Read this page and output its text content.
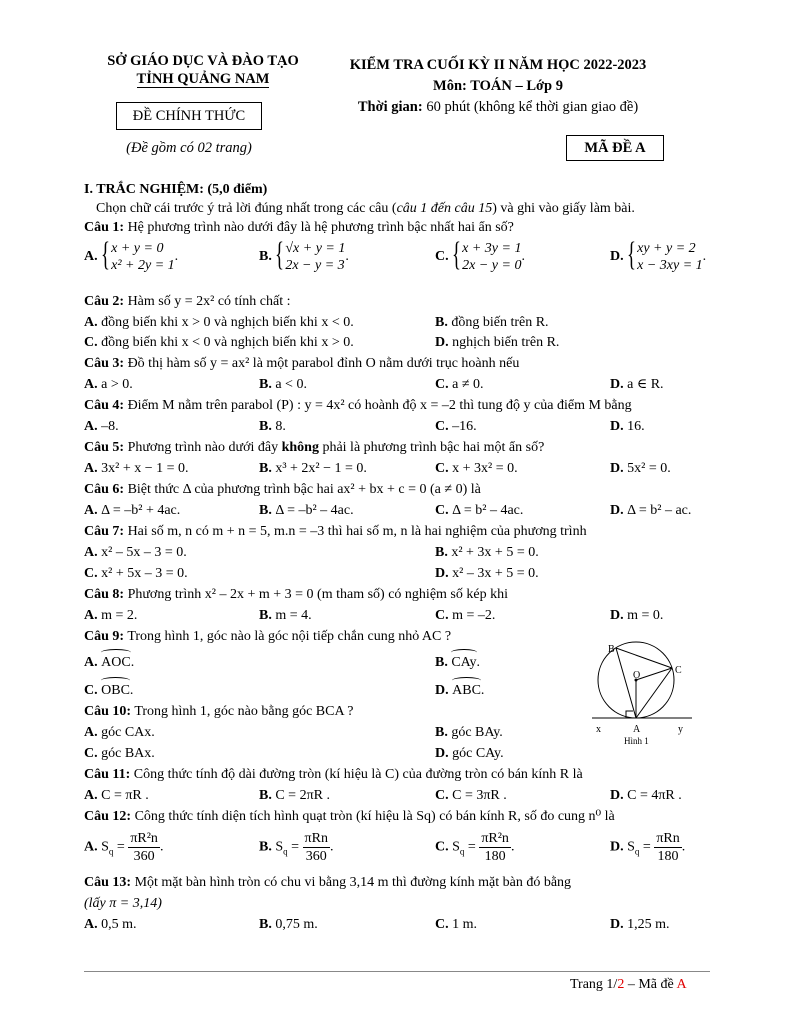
SỞ GIÁO DỤC VÀ ĐÀO TẠO
TỈNH QUẢNG NAM
ĐỀ CHÍNH THỨC
(Đề gồm có 02 trang)
KIỂM TRA CUỐI KỲ II NĂM HỌC 2022-2023
Môn: TOÁN – Lớp 9
Thời gian: 60 phút (không kể thời gian giao đề)
MÃ ĐỀ A
I. TRẮC NGHIỆM: (5,0 điểm)
Chọn chữ cái trước ý trả lời đúng nhất trong các câu (câu 1 đến câu 15) và ghi vào giấy làm bài.
Câu 1: Hệ phương trình nào dưới đây là hệ phương trình bậc nhất hai ẩn số?
A. { x + y = 0
x² + 2y = 1
.	B. { √x + y = 1
2x − y = 3
.	C. { x + 3y = 1
2x − y = 0
.	D. { xy + y = 2
x − 3xy = 1
.
Câu 2: Hàm số y = 2x² có tính chất :
A. đồng biến khi x > 0 và nghịch biến khi x < 0.	B. đồng biến trên R.
C. đồng biến khi x < 0 và nghịch biến khi x > 0.	D. nghịch biến trên R.
Câu 3: Đồ thị hàm số y = ax² là một parabol đỉnh O nằm dưới trục hoành nếu
A. a > 0.	B. a < 0.	C. a ≠ 0.	D. a ∈ R.
Câu 4: Điểm M nằm trên parabol (P) : y = 4x² có hoành độ x = –2 thì tung độ y của điểm M bằng
A. –8.	B. 8.	C. –16.	D. 16.
Câu 5: Phương trình nào dưới đây không phải là phương trình bậc hai một ẩn số?
A. 3x² + x − 1 = 0.	B. x³ + 2x² − 1 = 0.	C. x + 3x² = 0.	D. 5x² = 0.
Câu 6: Biệt thức Δ của phương trình bậc hai ax² + bx + c = 0 (a ≠ 0) là
A. Δ = –b² + 4ac.	B. Δ = –b² – 4ac.	C. Δ = b² – 4ac.	D. Δ = b² – ac.
Câu 7: Hai số m, n có m + n = 5, m.n = –3 thì hai số m, n là hai nghiệm của phương trình
A. x² – 5x – 3 = 0.	B. x² + 3x + 5 = 0.
C. x² + 5x – 3 = 0.	D. x² – 3x + 5 = 0.
Câu 8: Phương trình x² – 2x + m + 3 = 0 (m tham số) có nghiệm số kép khi
A. m = 2.	B. m = 4.	C. m = –2.	D. m = 0.
Câu 9: Trong hình 1, góc nào là góc nội tiếp chắn cung nhỏ AC ?
A. AOC.	B. CAy.
C. OBC.	D. ABC.
B
C
O
A
x	y
Hình 1
Câu 10: Trong hình 1, góc nào bằng góc BCA ?
A. góc CAx.	B. góc BAy.
C. góc BAx.	D. góc CAy.
Câu 11: Công thức tính độ dài đường tròn (kí hiệu là C) của đường tròn có bán kính R là
A. C = πR .	B. C = 2πR .	C. C = 3πR .	D. C = 4πR .
Câu 12: Công thức tính diện tích hình quạt tròn (kí hiệu là Sq) có bán kính R, số đo cung n⁰ là
A. $S_q = \frac{\text{πR²n}}{360}$ .	B. $S_q = \frac{\text{πRn}}{360}$ .	C. $S_q = \frac{\text{πR²n}}{180}$ .	D. $S_q = \frac{\text{πRn}}{180}$ .
Câu 13: Một mặt bàn hình tròn có chu vi bằng 3,14 m thì đường kính mặt bàn đó bằng
(lấy π = 3,14)
A. 0,5 m.	B. 0,75 m.	C. 1 m.	D. 1,25 m.
Trang 1/2 – Mã đề A
